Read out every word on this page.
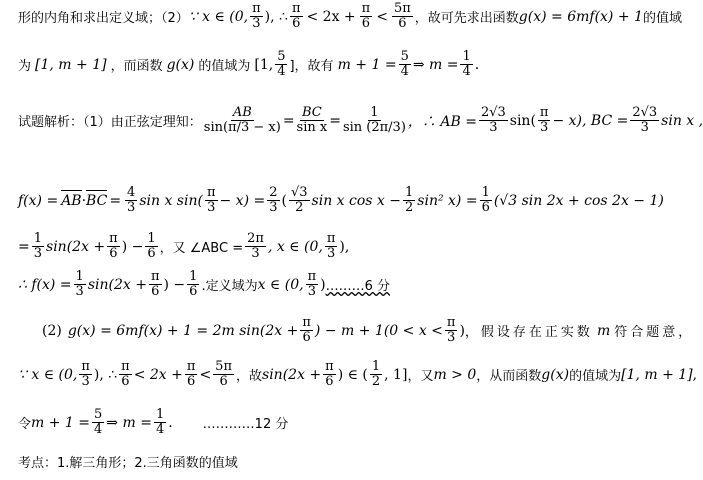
形的内角和求出定义域；（2） ∵ x ∈ (0, $\frac{\pi}{3}$ ), ∴ $\frac{\pi}{6} < 2x + \frac{\pi}{6} < \frac{5\pi}{6}$ ，故可先求出函数 g(x) = 6mf(x) + 1 的值域
为 [1, m + 1] ，而函数 g(x) 的值域为 [1, $\frac{5}{4}$ ]，故有 $m + 1 = \frac{5}{4}$ ⇒ $m = \frac{1}{4}$ .
试题解析：（1）由正弦定理知： $\frac{AB}{\sin(\pi/3 - x)} = \frac{BC}{\text{sin x}} = \frac{1}{\sin (2\pi/3)}$ ，∴ AB = $\frac{2√3}{3} \sin( \frac{\pi}{3} - x)$, BC = $\frac{2√3}{3}$ sin x ,
f(x) = AB · BC = $\frac{4}{3}$ sin x $\sin( \frac{\pi}{3} - x) = \frac{2}{3}$ ( $\frac{√3}{2}$ sin x $\cos x - \frac{1}{2} \sin^2$ $x) = \frac{1}{6} (√3$ sin 2x + cos 2x − 1)
= $\frac{1}{3} \sin(2x + \frac{\pi}{6}$ ) − $\frac{1}{6}$ ，又 ∠ABC = $\frac{2\pi}{3}$ , x ∈ (0, $\frac{\pi}{3}$ ),
∴ $f(x) = \frac{1}{3} \sin(2x + \frac{\pi}{6}$ ) − $\frac{1}{6}$ .定义域为 x ∈ (0, $\frac{\pi}{3}$ ) ………6 分
(2) g(x) = 6mf(x) + 1 = 2m $\sin(2x + \frac{\pi}{6}$ ) − $m + 1(0 < x < \frac{\pi}{3}$ ) ，假设存在正实数 m 符合题意，
∵ x ∈ (0, $\frac{\pi}{3}$ ), ∴ $\frac{\pi}{6} < 2x + \frac{\pi}{6} < \frac{5\pi}{6}$ ，故 $\sin(2x + \frac{\pi}{6}$ ) ∈ ( $\frac{1}{2}$ , 1] ，又 m > 0 ，从而函数 g(x) 的值域为 [1, m + 1] ,
令 $m + 1 = \frac{5}{4}$ ⇒ $m = \frac{1}{4}$ . …………12 分
考点：1.解三角形；2.三角函数的值域
